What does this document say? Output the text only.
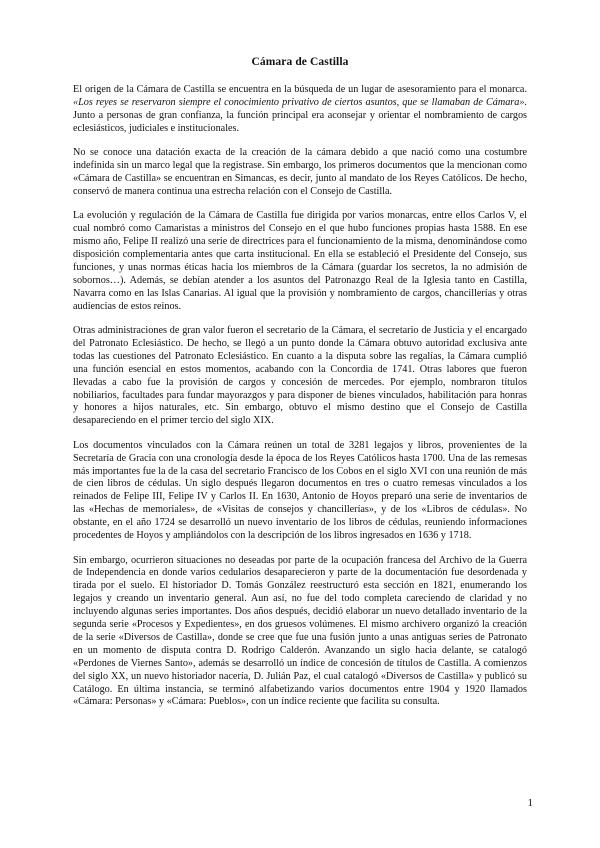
Cámara de Castilla

El origen de la Cámara de Castilla se encuentra en la búsqueda de un lugar de asesoramiento para el monarca. «Los reyes se reservaron siempre el conocimiento privativo de ciertos asuntos, que se llamaban de Cámara». Junto a personas de gran confianza, la función principal era aconsejar y orientar el nombramiento de cargos eclesiásticos, judiciales e institucionales.

No se conoce una datación exacta de la creación de la cámara debido a que nació como una costumbre indefinida sin un marco legal que la registrase. Sin embargo, los primeros documentos que la mencionan como «Cámara de Castilla» se encuentran en Simancas, es decir, junto al mandato de los Reyes Católicos. De hecho, conservó de manera continua una estrecha relación con el Consejo de Castilla.

La evolución y regulación de la Cámara de Castilla fue dirigida por varios monarcas, entre ellos Carlos V, el cual nombró como Camaristas a ministros del Consejo en el que hubo funciones propias hasta 1588. En ese mismo año, Felipe II realizó una serie de directrices para el funcionamiento de la misma, denominándose como disposición complementaria antes que carta institucional. En ella se estableció el Presidente del Consejo, sus funciones, y unas normas éticas hacia los miembros de la Cámara (guardar los secretos, la no admisión de sobornos…). Además, se debían atender a los asuntos del Patronazgo Real de la Iglesia tanto en Castilla, Navarra como en las Islas Canarias. Al igual que la provisión y nombramiento de cargos, chancillerías y otras audiencias de estos reinos.

Otras administraciones de gran valor fueron el secretario de la Cámara, el secretario de Justicia y el encargado del Patronato Eclesiástico. De hecho, se llegó a un punto donde la Cámara obtuvo autoridad exclusiva ante todas las cuestiones del Patronato Eclesiástico. En cuanto a la disputa sobre las regalías, la Cámara cumplió una función esencial en estos momentos, acabando con la Concordia de 1741. Otras labores que fueron llevadas a cabo fue la provisión de cargos y concesión de mercedes. Por ejemplo, nombraron títulos nobiliarios, facultades para fundar mayorazgos y para disponer de bienes vinculados, habilitación para honras y honores a hijos naturales, etc. Sin embargo, obtuvo el mismo destino que el Consejo de Castilla desapareciendo en el primer tercio del siglo XIX.

Los documentos vinculados con la Cámara reúnen un total de 3281 legajos y libros, provenientes de la Secretaría de Gracia con una cronología desde la época de los Reyes Católicos hasta 1700. Una de las remesas más importantes fue la de la casa del secretario Francisco de los Cobos en el siglo XVI con una reunión de más de cien libros de cédulas. Un siglo después llegaron documentos en tres o cuatro remesas vinculados a los reinados de Felipe III, Felipe IV y Carlos II. En 1630, Antonio de Hoyos preparó una serie de inventarios de las «Hechas de memoriales», de «Visitas de consejos y chancillerías», y de los «Libros de cédulas». No obstante, en el año 1724 se desarrolló un nuevo inventario de los libros de cédulas, reuniendo informaciones procedentes de Hoyos y ampliándolos con la descripción de los libros ingresados en 1636 y 1718.

Sin embargo, ocurrieron situaciones no deseadas por parte de la ocupación francesa del Archivo de la Guerra de Independencia en donde varios cedularios desaparecieron y parte de la documentación fue desordenada y tirada por el suelo. El historiador D. Tomás González reestructuró esta sección en 1821, enumerando los legajos y creando un inventario general. Aun así, no fue del todo completa careciendo de claridad y no incluyendo algunas series importantes. Dos años después, decidió elaborar un nuevo detallado inventario de la segunda serie «Procesos y Expedientes», en dos gruesos volúmenes. El mismo archivero organizó la creación de la serie «Diversos de Castilla», donde se cree que fue una fusión junto a unas antiguas series de Patronato en un momento de disputa contra D. Rodrigo Calderón. Avanzando un siglo hacia delante, se catalogó «Perdones de Viernes Santo», además se desarrolló un índice de concesión de títulos de Castilla. A comienzos del siglo XX, un nuevo historiador nacería, D. Julián Paz, el cual catalogó «Diversos de Castilla» y publicó su Catálogo. En última instancia, se terminó alfabetizando varios documentos entre 1904 y 1920 llamados «Cámara: Personas» y «Cámara: Pueblos», con un índice reciente que facilita su consulta.

1
